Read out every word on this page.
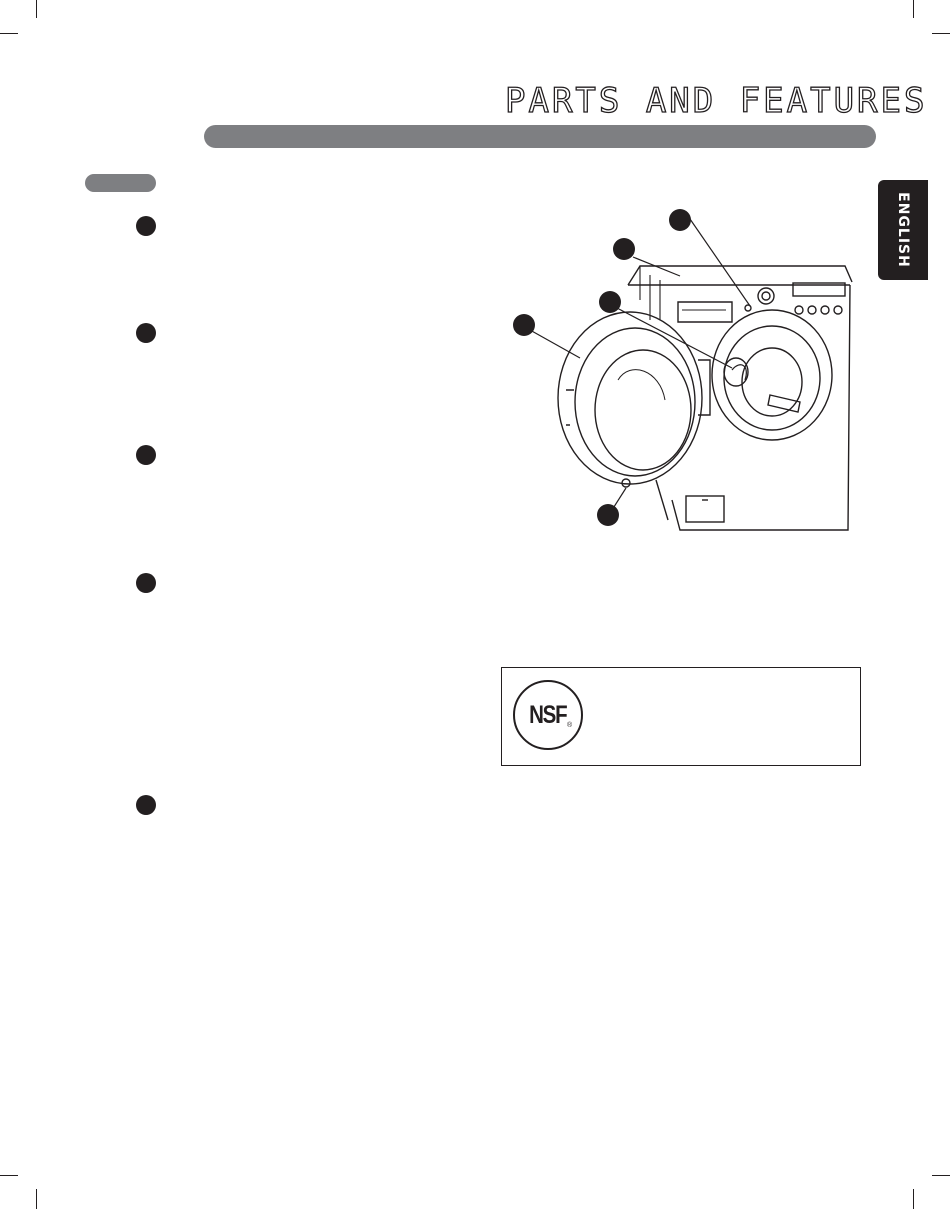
PARTS AND FEATURES
ENGLISH
$NSF_®$
